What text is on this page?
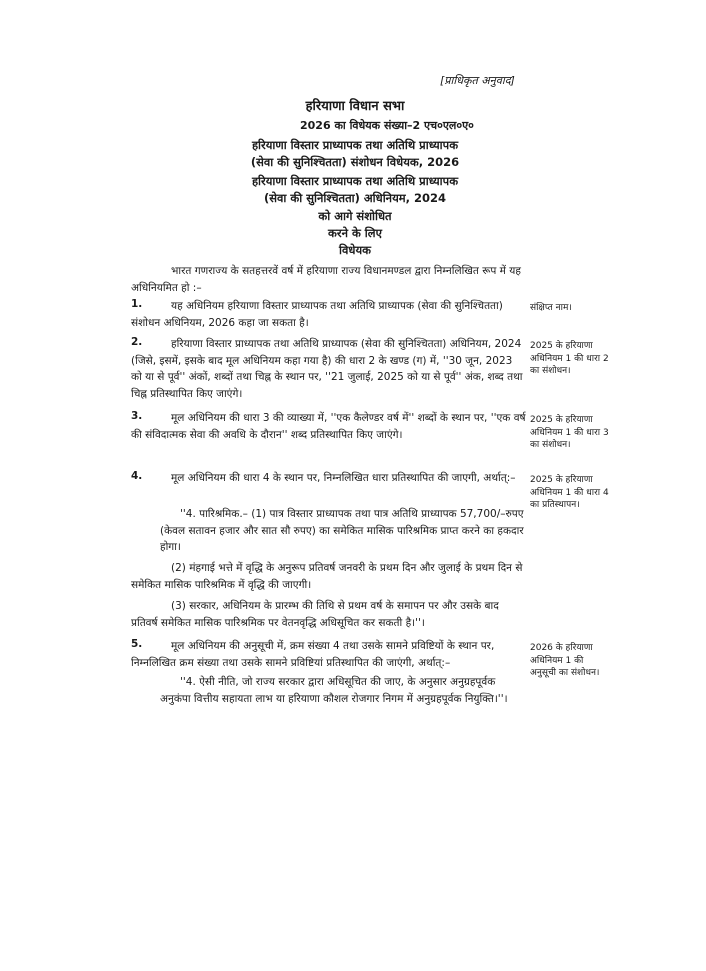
[प्राधिकृत अनुवाद]
हरियाणा विधान सभा
2026 का विधेयक संख्या–2 एच०एल०ए०
हरियाणा विस्तार प्राध्यापक तथा अतिथि प्राध्यापक
(सेवा की सुनिश्चितता) संशोधन विधेयक, 2026
हरियाणा विस्तार प्राध्यापक तथा अतिथि प्राध्यापक
(सेवा की सुनिश्चितता) अधिनियम, 2024
को आगे संशोधित
करने के लिए
विधेयक
भारत गणराज्य के सतहत्तरवें वर्ष में हरियाणा राज्य विधानमण्डल द्वारा निम्नलिखित रूप में यह अधिनियमित हो :–
1.	यह अधिनियम हरियाणा विस्तार प्राध्यापक तथा अतिथि प्राध्यापक (सेवा की सुनिश्चितता) संशोधन अधिनियम, 2026 कहा जा सकता है।
संक्षिप्त नाम।
2.	हरियाणा विस्तार प्राध्यापक तथा अतिथि प्राध्यापक (सेवा की सुनिश्चितता) अधिनियम, 2024 (जिसे, इसमें, इसके बाद मूल अधिनियम कहा गया है) की धारा 2 के खण्ड (ग) में, ''30 जून, 2023 को या से पूर्व'' अंकों, शब्दों तथा चिह्न के स्थान पर, ''21 जुलाई, 2025 को या से पूर्व'' अंक, शब्द तथा चिह्न प्रतिस्थापित किए जाएंगे।
2025 के हरियाणा अधिनियम 1 की धारा 2 का संशोधन।
3.	मूल अधिनियम की धारा 3 की व्याख्या में, ''एक कैलेण्डर वर्ष में'' शब्दों के स्थान पर, ''एक वर्ष की संविदात्मक सेवा की अवधि के दौरान'' शब्द प्रतिस्थापित किए जाएंगे।
2025 के हरियाणा अधिनियम 1 की धारा 3 का संशोधन।
4.	मूल अधिनियम की धारा 4 के स्थान पर, निम्नलिखित धारा प्रतिस्थापित की जाएगी, अर्थात्:–	2025 के हरियाणा अधिनियम 1 की धारा 4 का प्रतिस्थापन।
''4. पारिश्रमिक.– (1) पात्र विस्तार प्राध्यापक तथा पात्र अतिथि प्राध्यापक 57,700/–रुपए (केवल सतावन हजार और सात सौ रुपए) का समेकित मासिक पारिश्रमिक प्राप्त करने का हकदार होगा।
(2) मंहगाई भत्ते में वृद्धि के अनुरूप प्रतिवर्ष जनवरी के प्रथम दिन और जुलाई के प्रथम दिन से समेकित मासिक पारिश्रमिक में वृद्धि की जाएगी।
(3) सरकार, अधिनियम के प्रारम्भ की तिथि से प्रथम वर्ष के समापन पर और उसके बाद प्रतिवर्ष समेकित मासिक पारिश्रमिक पर वेतनवृद्धि अधिसूचित कर सकती है।''।
5.	मूल अधिनियम की अनुसूची में, क्रम संख्या 4 तथा उसके सामने प्रविष्टियों के स्थान पर, निम्नलिखित क्रम संख्या तथा उसके सामने प्रविष्टियां प्रतिस्थापित की जाएंगी, अर्थात्:–
2026 के हरियाणा अधिनियम 1 की अनुसूची का संशोधन।
''4. ऐसी नीति, जो राज्य सरकार द्वारा अधिसूचित की जाए, के अनुसार अनुग्रहपूर्वक अनुकंपा वित्तीय सहायता लाभ या हरियाणा कौशल रोजगार निगम में अनुग्रहपूर्वक नियुक्ति।''।
